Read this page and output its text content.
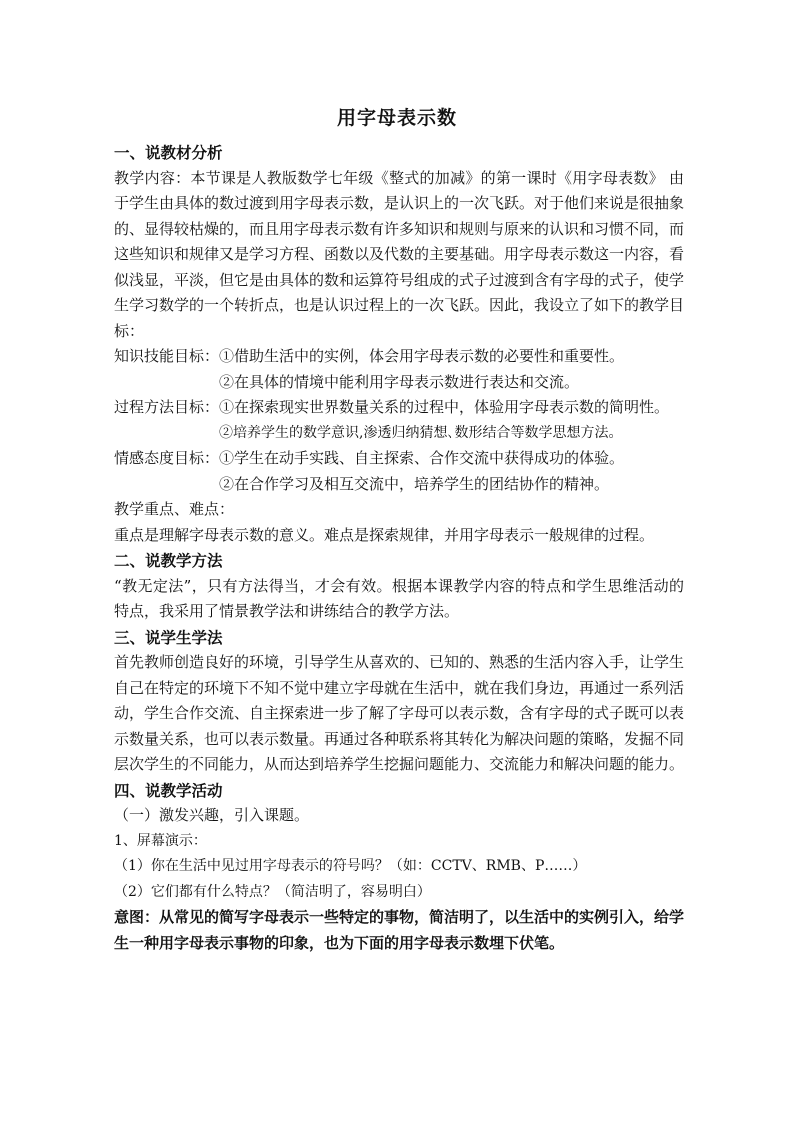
用字母表示数

一、说教材分析

教学内容：本节课是人教版数学七年级《整式的加减》的第一课时《用字母表数》 由于学生由具体的数过渡到用字母表示数，是认识上的一次飞跃。对于他们来说是很抽象的、显得较枯燥的，而且用字母表示数有许多知识和规则与原来的认识和习惯不同，而这些知识和规律又是学习方程、函数以及代数的主要基础。用字母表示数这一内容，看似浅显，平淡，但它是由具体的数和运算符号组成的式子过渡到含有字母的式子，使学生学习数学的一个转折点，也是认识过程上的一次飞跃。因此，我设立了如下的教学目标：

知识技能目标：①借助生活中的实例，体会用字母表示数的必要性和重要性。

②在具体的情境中能利用字母表示数进行表达和交流。

过程方法目标：①在探索现实世界数量关系的过程中，体验用字母表示数的简明性。

②培养学生的数学意识,渗透归纳猜想､数形结合等数学思想方法。

情感态度目标：①学生在动手实践、自主探索、合作交流中获得成功的体验。

②在合作学习及相互交流中，培养学生的团结协作的精神。

教学重点、难点：

重点是理解字母表示数的意义。难点是探索规律，并用字母表示一般规律的过程。

二、说教学方法

“教无定法”，只有方法得当，才会有效。根据本课教学内容的特点和学生思维活动的特点，我采用了情景教学法和讲练结合的教学方法。

三、说学生学法

首先教师创造良好的环境，引导学生从喜欢的、已知的、熟悉的生活内容入手，让学生自己在特定的环境下不知不觉中建立字母就在生活中，就在我们身边，再通过一系列活动，学生合作交流、自主探索进一步了解了字母可以表示数，含有字母的式子既可以表示数量关系，也可以表示数量。再通过各种联系将其转化为解决问题的策略，发掘不同层次学生的不同能力，从而达到培养学生挖掘问题能力、交流能力和解决问题的能力。

四、说教学活动

（一）激发兴趣，引入课题。

1、屏幕演示：

（1）你在生活中见过用字母表示的符号吗？（如：CCTV、RMB、P……）

（2）它们都有什么特点？（简洁明了，容易明白）

意图：从常见的简写字母表示一些特定的事物，简洁明了，以生活中的实例引入，给学生一种用字母表示事物的印象，也为下面的用字母表示数埋下伏笔。
